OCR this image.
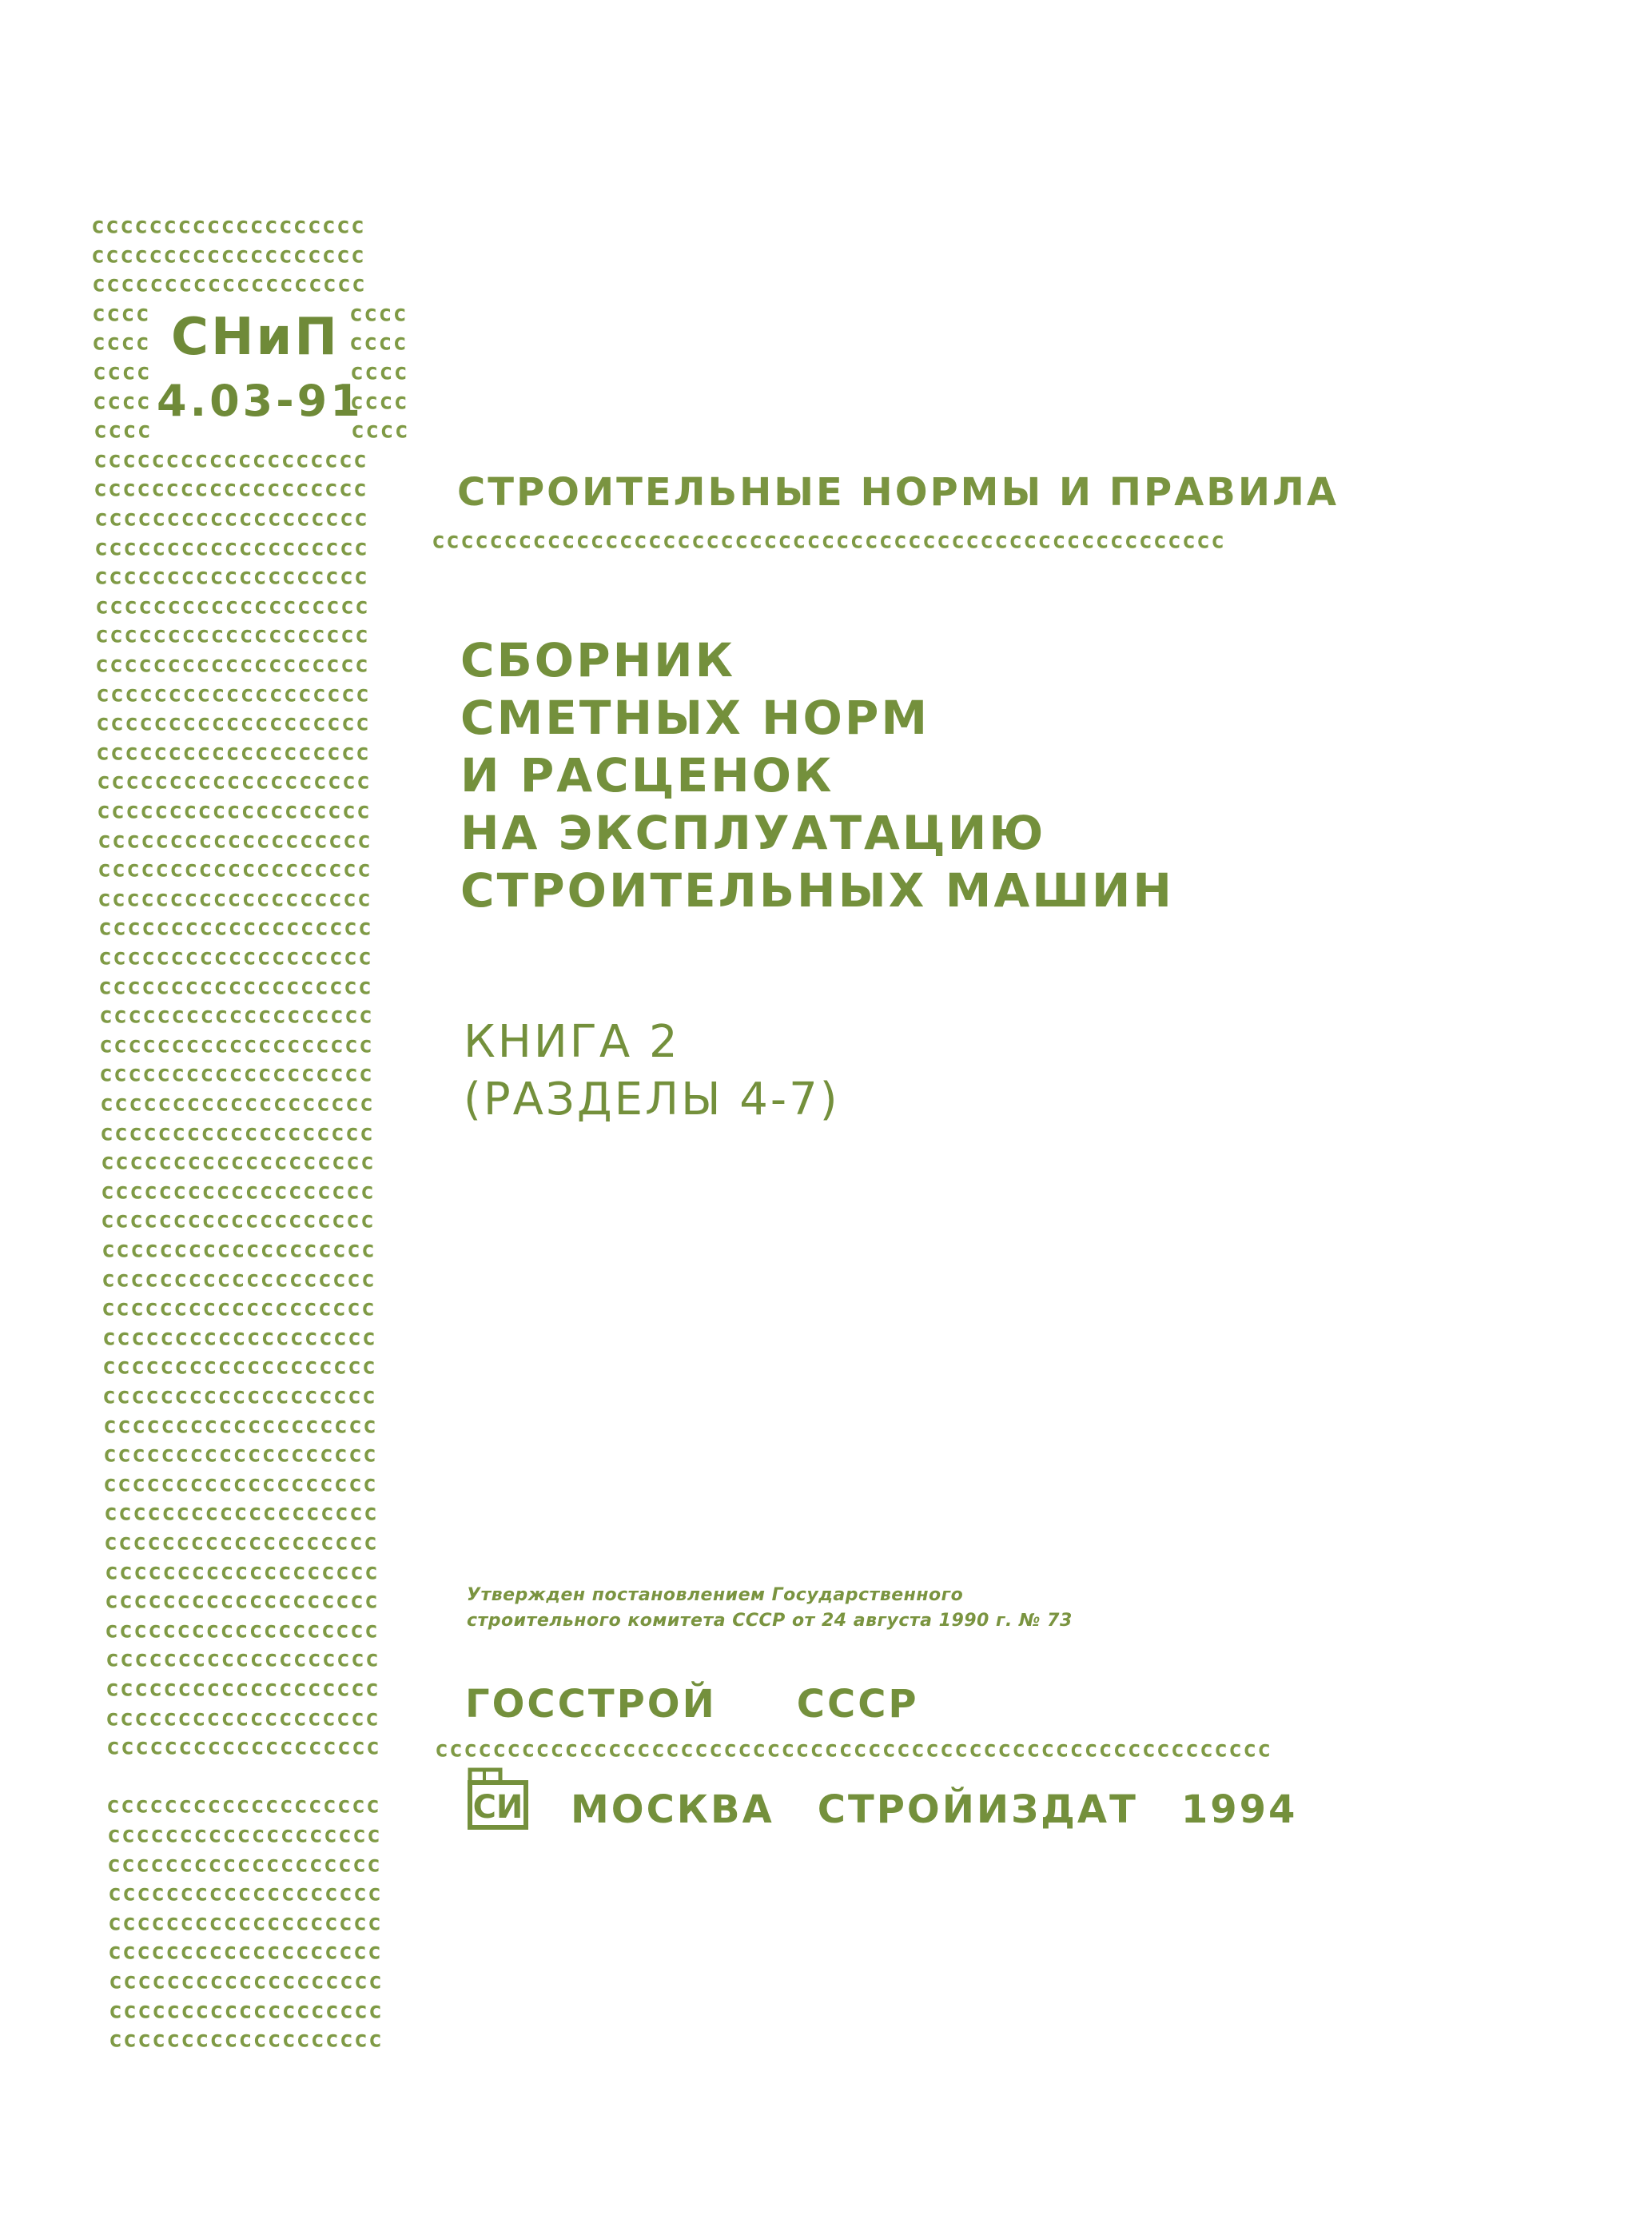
ccccccccccccccccccc
ccccccccccccccccccc
ccccccccccccccccccc
cccc	cccc
cccc	cccc
cccc	cccc
cccc	cccc
cccc	cccc
ccccccccccccccccccc
ccccccccccccccccccc
ccccccccccccccccccc
ccccccccccccccccccc
ccccccccccccccccccc
ccccccccccccccccccc
ccccccccccccccccccc
ccccccccccccccccccc
ccccccccccccccccccc
ccccccccccccccccccc
ccccccccccccccccccc
ccccccccccccccccccc
ccccccccccccccccccc
ccccccccccccccccccc
ccccccccccccccccccc
ccccccccccccccccccc
ccccccccccccccccccc
ccccccccccccccccccc
ccccccccccccccccccc
ccccccccccccccccccc
ccccccccccccccccccc
ccccccccccccccccccc
ccccccccccccccccccc
ccccccccccccccccccc
ccccccccccccccccccc
ccccccccccccccccccc
ccccccccccccccccccc
ccccccccccccccccccc
ccccccccccccccccccc
ccccccccccccccccccc
ccccccccccccccccccc
ccccccccccccccccccc
ccccccccccccccccccc
ccccccccccccccccccc
ccccccccccccccccccc
ccccccccccccccccccc
ccccccccccccccccccc
ccccccccccccccccccc
ccccccccccccccccccc
ccccccccccccccccccc
ccccccccccccccccccc
ccccccccccccccccccc
ccccccccccccccccccc
ccccccccccccccccccc
ccccccccccccccccccc
ccccccccccccccccccc
ccccccccccccccccccc
ccccccccccccccccccc
ccccccccccccccccccc
ccccccccccccccccccc
ccccccccccccccccccc
ccccccccccccccccccc
ccccccccccccccccccc
ccccccccccccccccccc
ccccccccccccccccccccccccccccccccccccccccccccccccccccccc
cccccccccccccccccccccccccccccccccccccccccccccccccccccccccc
СНиП
4.03-91
СТРОИТЕЛЬНЫЕ НОРМЫ И ПРАВИЛА
СБОРНИК
СМЕТНЫХ НОРМ
И РАСЦЕНОК
НА ЭКСПЛУАТАЦИЮ
СТРОИТЕЛЬНЫХ МАШИН
КНИГА 2
(РАЗДЕЛЫ 4-7)
Утвержден постановлением Государственного
строительного комитета СССР от 24 августа 1990 г. № 73
ГОССТРОЙ СССР
СИ МОСКВА СТРОЙИЗДАТ 1994
